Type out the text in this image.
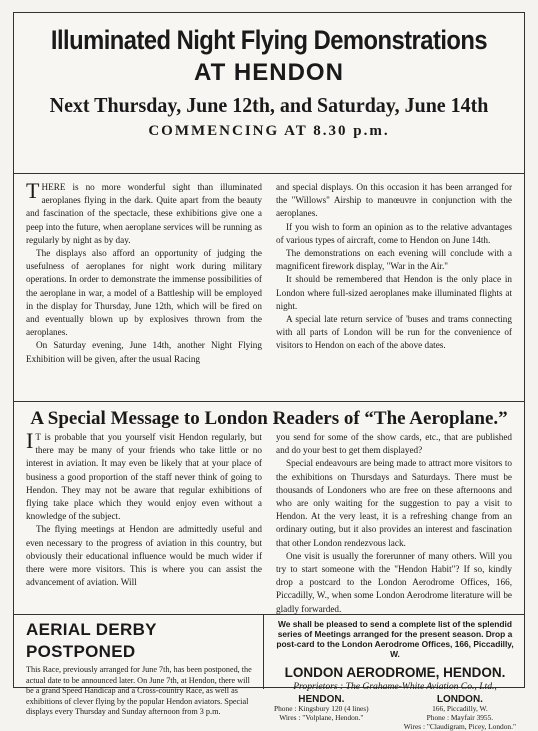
Illuminated Night Flying Demonstrations
AT HENDON
Next Thursday, June 12th, and Saturday, June 14th
COMMENCING AT 8.30 p.m.

THERE is no more wonderful sight than illuminated aeroplanes flying in the dark. Quite apart from the beauty and fascination of the spectacle, these exhibitions give one a peep into the future, when aeroplane services will be running as regularly by night as by day.

The displays also afford an opportunity of judging the usefulness of aeroplanes for night work during military operations. In order to demonstrate the immense possibilities of the aeroplane in war, a model of a Battleship will be employed in the display for Thursday, June 12th, which will be fired on and eventually blown up by explosives thrown from the aeroplanes.

On Saturday evening, June 14th, another Night Flying Exhibition will be given, after the usual Racing

and special displays. On this occasion it has been arranged for the "Willows" Airship to manœuvre in conjunction with the aeroplanes.

If you wish to form an opinion as to the relative advantages of various types of aircraft, come to Hendon on June 14th.

The demonstrations on each evening will conclude with a magnificent firework display, "War in the Air."

It should be remembered that Hendon is the only place in London where full-sized aeroplanes make illuminated flights at night.

A special late return service of 'buses and trams connecting with all parts of London will be run for the convenience of visitors to Hendon on each of the above dates.

A Special Message to London Readers of “The Aeroplane.”

IT is probable that you yourself visit Hendon regularly, but there may be many of your friends who take little or no interest in aviation. It may even be likely that at your place of business a good proportion of the staff never think of going to Hendon. They may not be aware that regular exhibitions of flying take place which they would enjoy even without a knowledge of the subject.

The flying meetings at Hendon are admittedly useful and even necessary to the progress of aviation in this country, but obviously their educational influence would be much wider if there were more visitors. This is where you can assist the advancement of aviation. Will

you send for some of the show cards, etc., that are published and do your best to get them displayed?

Special endeavours are being made to attract more visitors to the exhibitions on Thursdays and Saturdays. There must be thousands of Londoners who are free on these afternoons and who are only waiting for the suggestion to pay a visit to Hendon. At the very least, it is a refreshing change from an ordinary outing, but it also provides an interest and fascination that other London rendezvous lack.

One visit is usually the forerunner of many others. Will you try to start someone with the "Hendon Habit"? If so, kindly drop a postcard to the London Aerodrome Offices, 166, Piccadilly, W., when some London Aerodrome literature will be gladly forwarded.

AERIAL DERBY POSTPONED

This Race, previously arranged for June 7th, has been postponed, the actual date to be announced later. On June 7th, at Hendon, there will be a grand Speed Handicap and a Cross-country Race, as well as exhibitions of clever flying by the popular Hendon aviators. Special displays every Thursday and Sunday afternoon from 3 p.m.

We shall be pleased to send a complete list of the splendid series of Meetings arranged for the present season. Drop a post-card to the London Aerodrome Offices, 166, Piccadilly, W.

LONDON AERODROME, HENDON.

Proprietors : The Grahame-White Aviation Co., Ltd.,

HENDON.
Phone : Kingsbury 120 (4 lines)
Wires : "Volplane, Hendon."
LONDON.
166, Piccadilly, W.
Phone : Mayfair 3955.
Wires : "Claudigram, Picey, London."
